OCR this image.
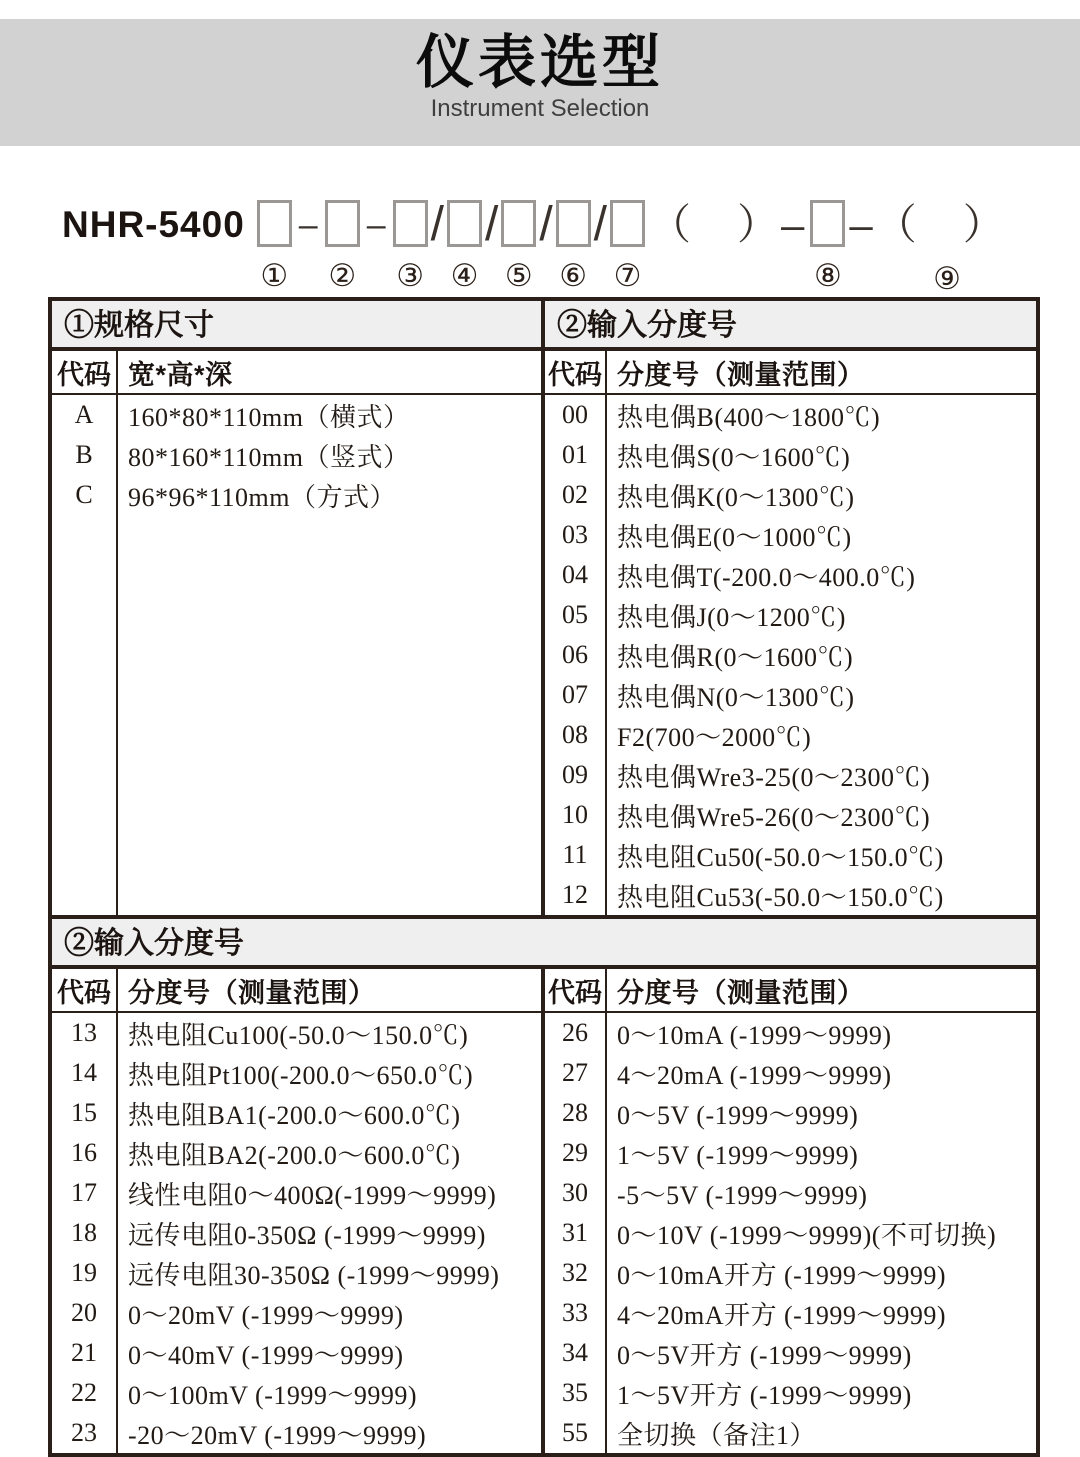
仪表选型
Instrument Selection
NHR-5400
①
–
②
–
③
/
④
/
⑤
/
⑥
/
⑦
（　）–
⑧
–（　）
⑨
①规格尺寸
代码 宽*高*深
A	160*80*110mm（横式）
B	80*160*110mm（竖式）
C	96*96*110mm（方式）
②输入分度号
代码 分度号（测量范围）
00	热电偶B(400～1800℃)
01	热电偶S(0～1600℃)
02	热电偶K(0～1300℃)
03	热电偶E(0～1000℃)
04	热电偶T(-200.0～400.0℃)
05	热电偶J(0～1200℃)
06	热电偶R(0～1600℃)
07	热电偶N(0～1300℃)
08	F2(700～2000℃)
09	热电偶Wre3-25(0～2300℃)
10	热电偶Wre5-26(0～2300℃)
11	热电阻Cu50(-50.0～150.0℃)
12	热电阻Cu53(-50.0～150.0℃)
②输入分度号
代码 分度号（测量范围）
13	热电阻Cu100(-50.0～150.0℃)
14	热电阻Pt100(-200.0～650.0℃)
15	热电阻BA1(-200.0～600.0℃)
16	热电阻BA2(-200.0～600.0℃)
17	线性电阻0～400Ω(-1999～9999)
18	远传电阻0-350Ω (-1999～9999)
19	远传电阻30-350Ω (-1999～9999)
20	0～20mV (-1999～9999)
21	0～40mV (-1999～9999)
22	0～100mV (-1999～9999)
23	-20～20mV (-1999～9999)
代码 分度号（测量范围）
26	0～10mA (-1999～9999)
27	4～20mA (-1999～9999)
28	0～5V (-1999～9999)
29	1～5V (-1999～9999)
30	-5～5V (-1999～9999)
31	0～10V (-1999～9999)(不可切换)
32	0～10mA开方 (-1999～9999)
33	4～20mA开方 (-1999～9999)
34	0～5V开方 (-1999～9999)
35	1～5V开方 (-1999～9999)
55	全切换（备注1）
